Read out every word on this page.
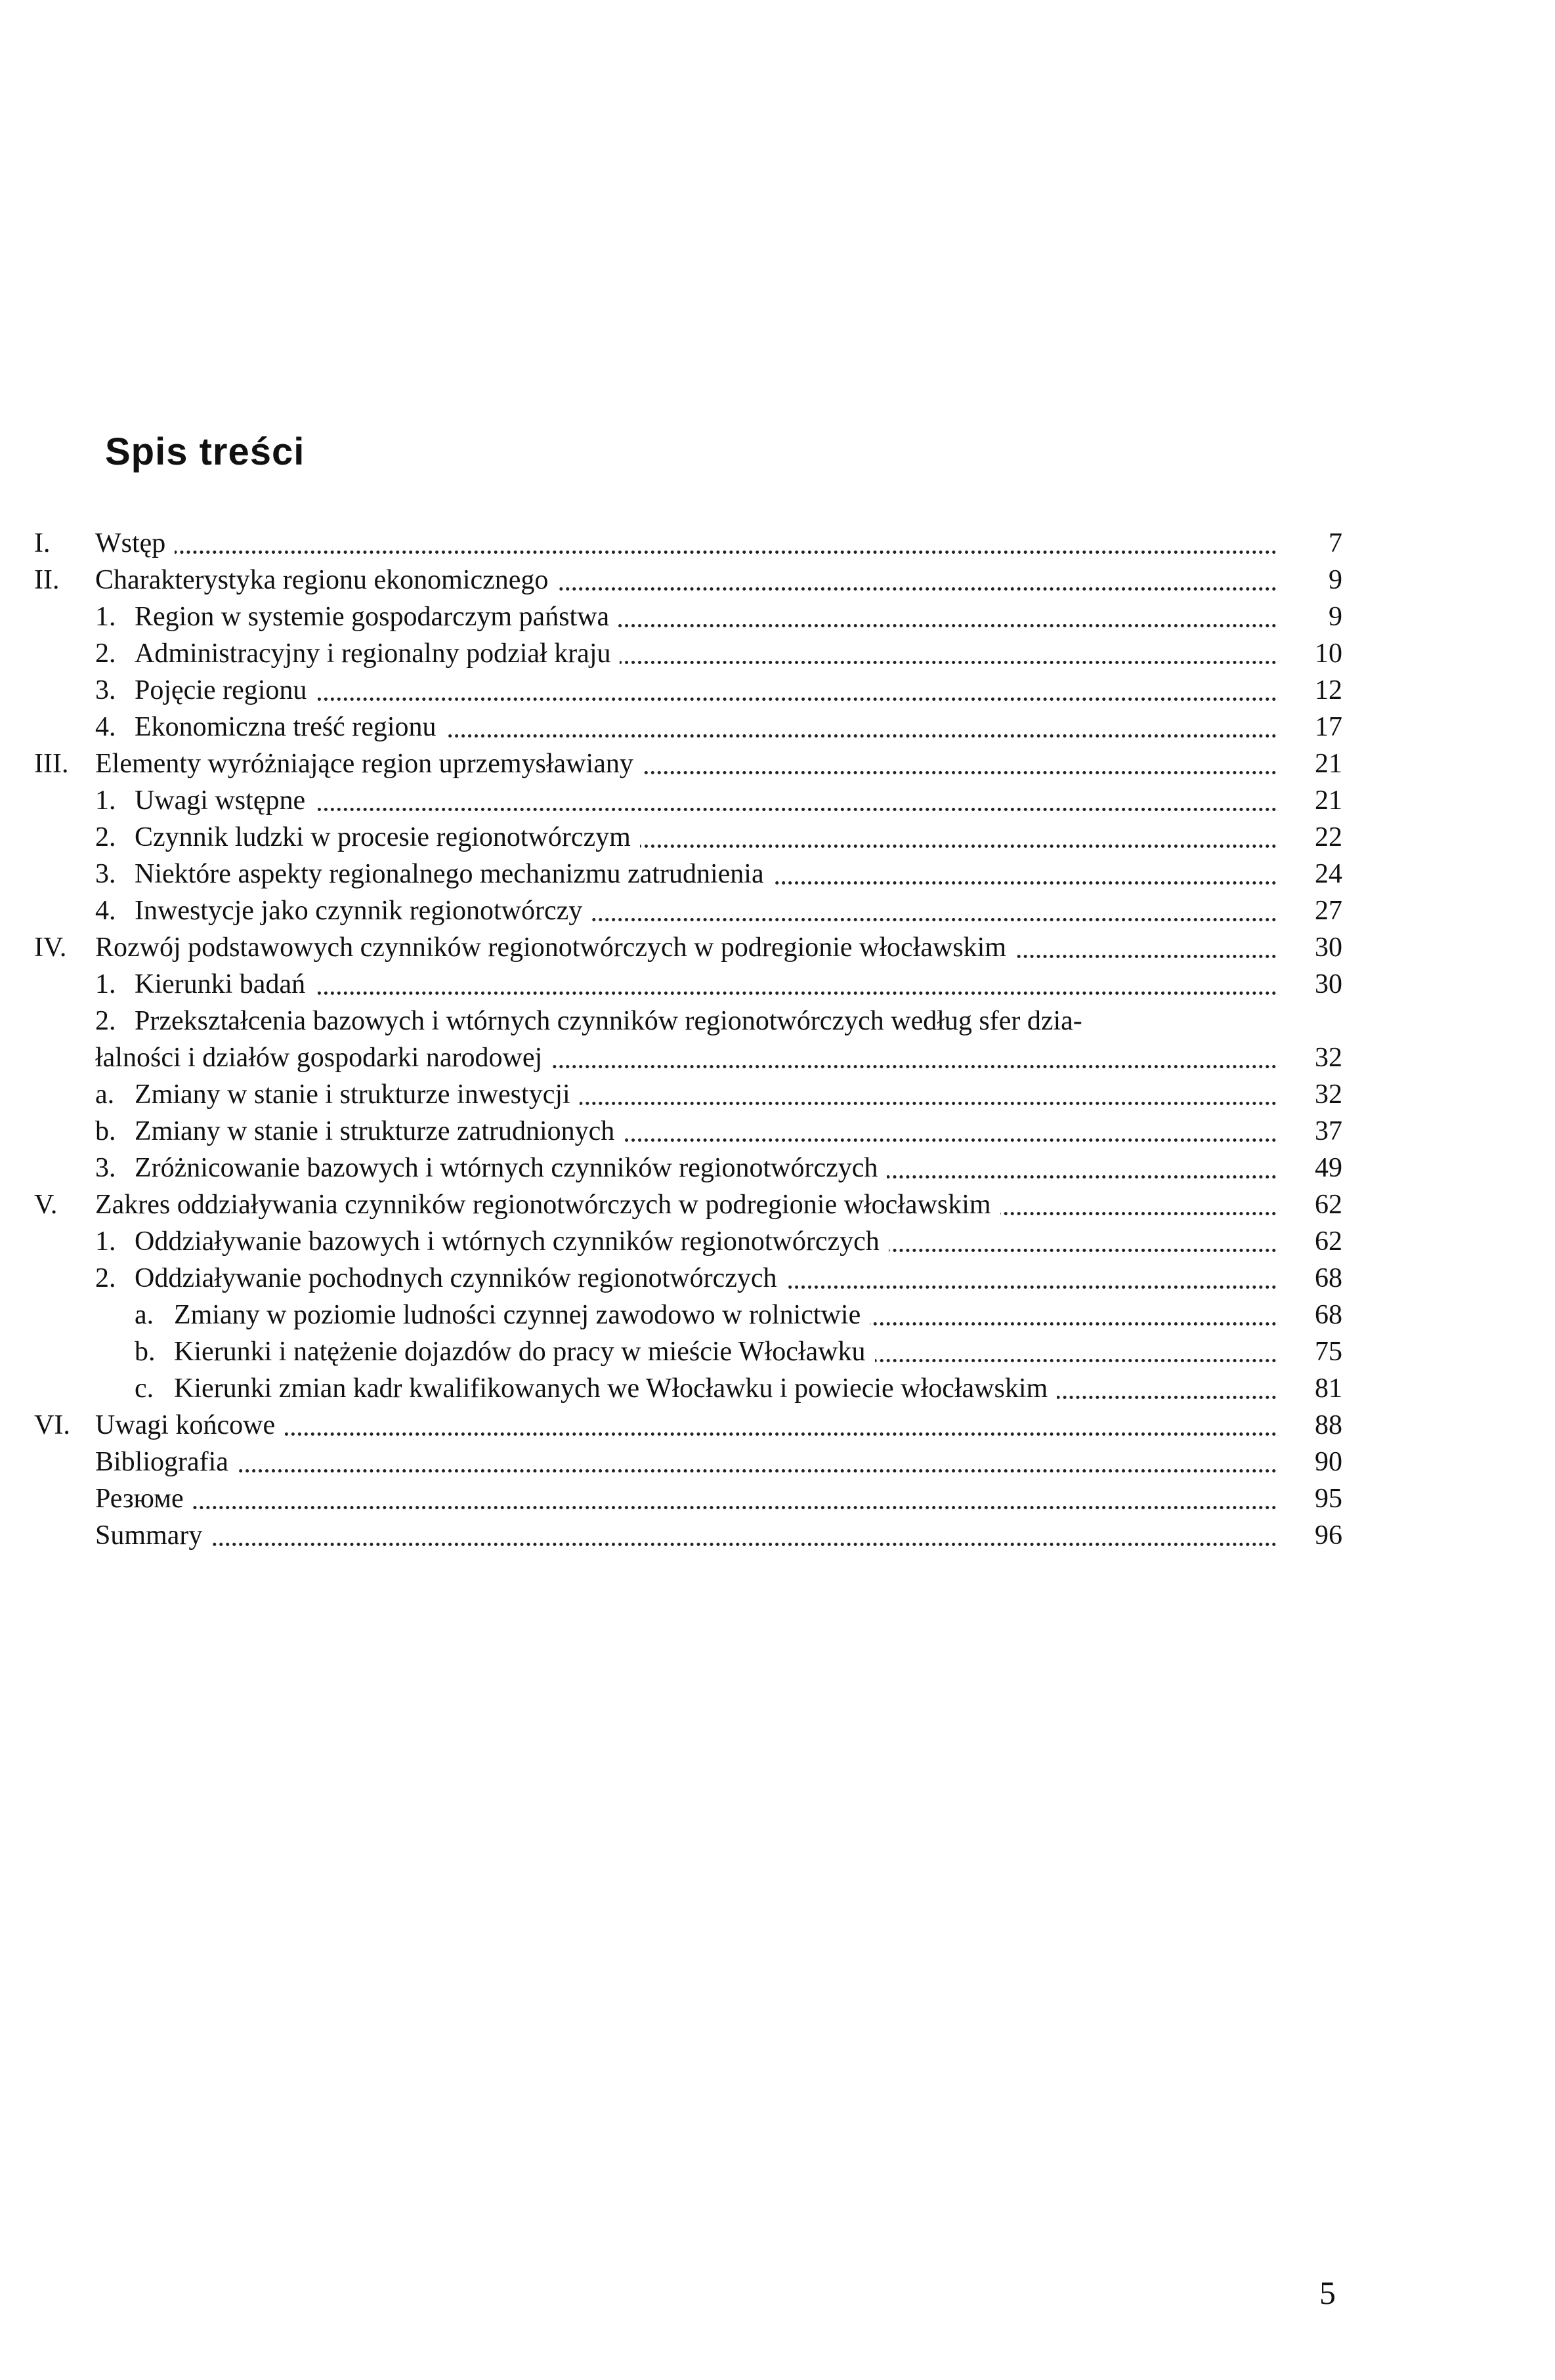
Spis treści
I. Wstęp	7
II. Charakterystyka regionu ekonomicznego	9
1. Region w systemie gospodarczym państwa	9
2. Administracyjny i regionalny podział kraju	10
3. Pojęcie regionu	12
4. Ekonomiczna treść regionu	17
III. Elementy wyróżniające region uprzemysławiany	21
1. Uwagi wstępne	21
2. Czynnik ludzki w procesie regionotwórczym	22
3. Niektóre aspekty regionalnego mechanizmu zatrudnienia	24
4. Inwestycje jako czynnik regionotwórczy	27
IV. Rozwój podstawowych czynników regionotwórczych w podregionie włocławskim	30
1. Kierunki badań	30
2. Przekształcenia bazowych i wtórnych czynników regionotwórczych według sfer dzia-
łalności i działów gospodarki narodowej	32
a. Zmiany w stanie i strukturze inwestycji	32
b. Zmiany w stanie i strukturze zatrudnionych	37
3. Zróżnicowanie bazowych i wtórnych czynników regionotwórczych	49
V. Zakres oddziaływania czynników regionotwórczych w podregionie włocławskim	62
1. Oddziaływanie bazowych i wtórnych czynników regionotwórczych	62
2. Oddziaływanie pochodnych czynników regionotwórczych	68
a. Zmiany w poziomie ludności czynnej zawodowo w rolnictwie	68
b. Kierunki i natężenie dojazdów do pracy w mieście Włocławku	75
c. Kierunki zmian kadr kwalifikowanych we Włocławku i powiecie włocławskim	81
VI. Uwagi końcowe	88
Bibliografia	90
Резюме	95
Summary	96
5
